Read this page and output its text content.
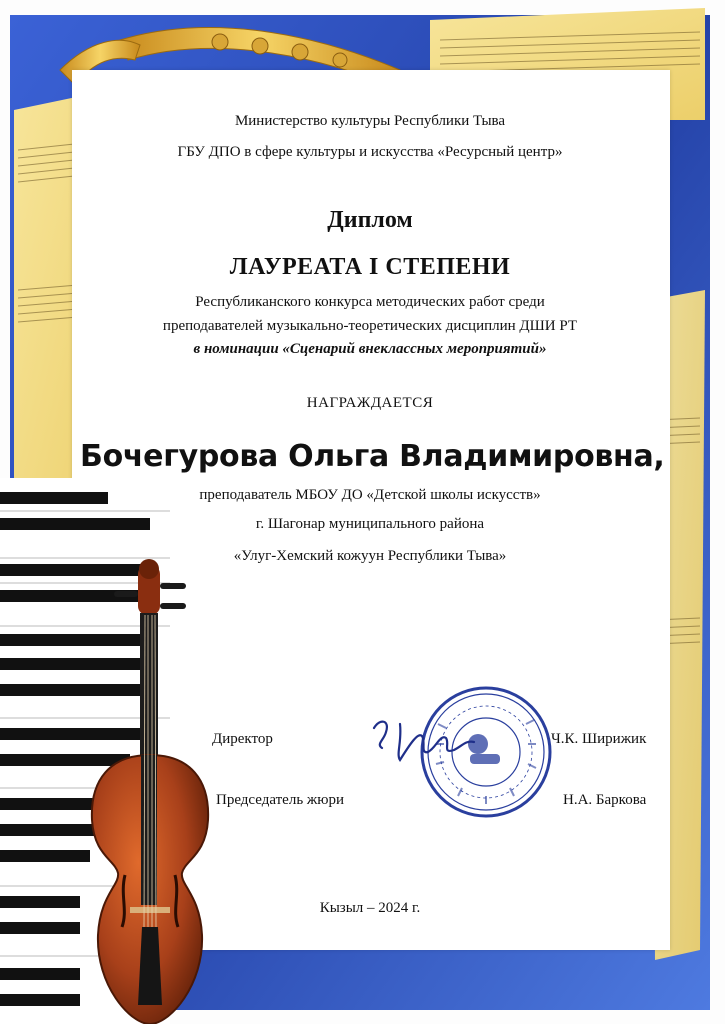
Министерство культуры Республики Тыва
ГБУ ДПО в сфере культуры и искусства «Ресурсный центр»
Диплом
ЛАУРЕАТА I СТЕПЕНИ
Республиканского конкурса методических работ среди
преподавателей музыкально-теоретических дисциплин ДШИ РТ
в номинации «Сценарий внеклассных мероприятий»
НАГРАЖДАЕТСЯ
Бочегурова Ольга Владимировна,
преподаватель МБОУ ДО «Детской школы искусств»
г. Шагонар муниципального района
«Улуг-Хемский кожуун Республики Тыва»
Директор	Ч.К. Ширижик
Председатель жюри	Н.А. Баркова
Кызыл – 2024 г.
